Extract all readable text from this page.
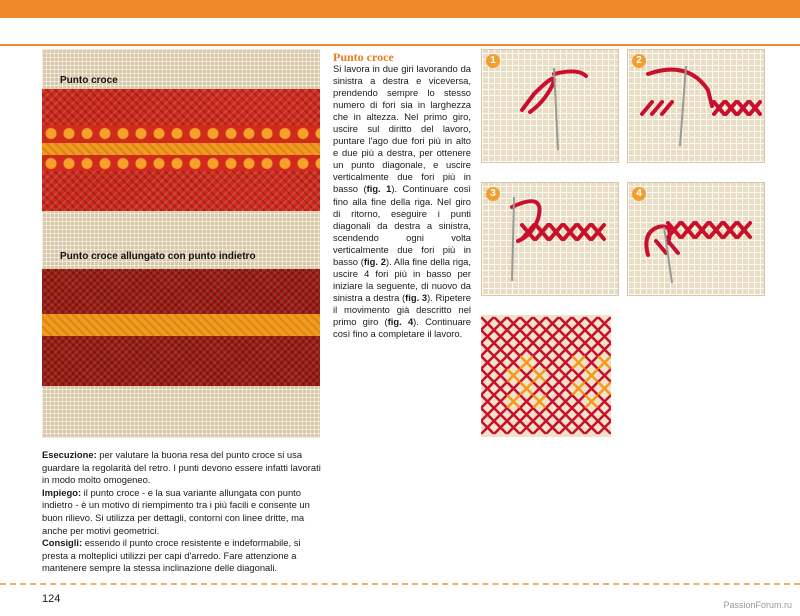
Punto croce
Punto croce allungato con punto indietro

Esecuzione: per valutare la buona resa del punto croce si usa guardare la regolarità del retro. I punti devono essere infatti lavorati in modo molto omogeneo.

Impiego: il punto croce - e la sua variante allungata con punto indietro - è un motivo di riempimento tra i più facili e consente un buon rilievo. Si utilizza per dettagli, contorni con linee dritte, ma anche per motivi geometrici.

Consigli: essendo il punto croce resistente e indeformabile, si presta a molteplici utilizzi per capi d'arredo. Fare attenzione a mantenere sempre la stessa inclinazione delle diagonali.

Punto croce
Si lavora in due giri lavorando da sinistra a destra e viceversa, prendendo sempre lo stesso numero di fori sia in larghezza che in altezza. Nel primo giro, uscire sul diritto del lavoro, puntare l'ago due fori più in alto e due più a destra, per ottenere un punto diagonale, e uscire verticalmente due fori più in basso (fig. 1). Continuare così fino alla fine della riga. Nel giro di ritorno, eseguire i punti diagonali da destra a sinistra, scendendo ogni volta verticalmente due fori più in basso (fig. 2). Alla fine della riga, uscire 4 fori più in basso per iniziare la seguente, di nuovo da sinistra a destra (fig. 3). Ripetere il movimento già descritto nel primo giro (fig. 4). Continuare così fino a completare il lavoro.
1	2
3	4
124	PassionForum.ru
